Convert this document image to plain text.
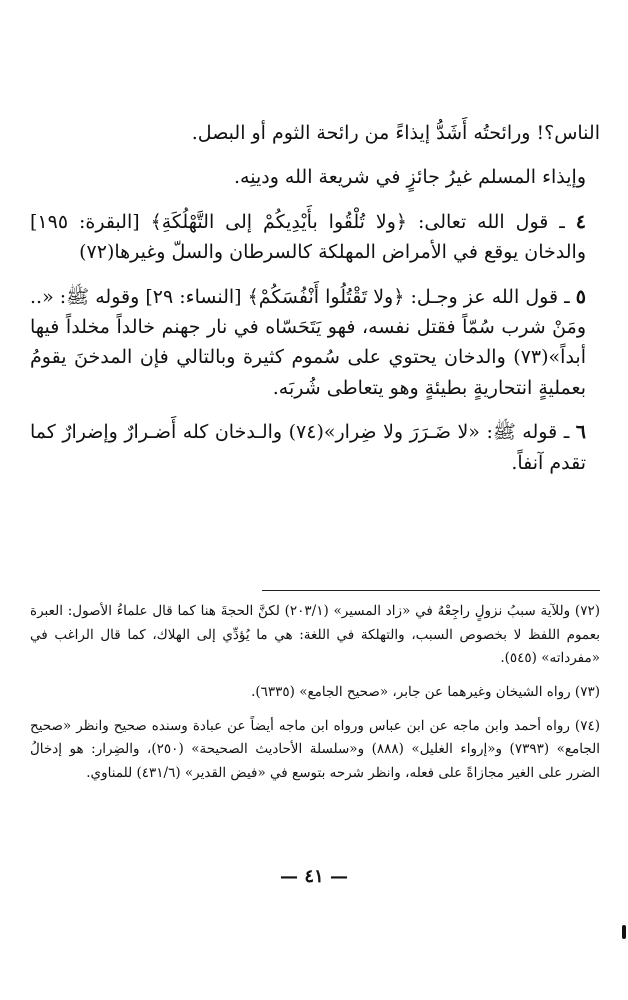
الناس؟! ورائحتُه أَشَدُّ إيذاءً من رائحة الثوم أو البصل.

وإيذاء المسلم غيرُ جائزٍ في شريعة الله ودينِه.

٤ ـ قول الله تعالى: ﴿ولا تُلْقُوا بأَيْدِيكُمْ إلى التَّهْلُكَةِ﴾ [البقرة: ١٩٥] والدخان يوقع في الأمراض المهلكة كالسرطان والسلّ وغيرها(٧٢)

٥ ـ قول الله عز وجـل: ﴿ولا تَقْتُلُوا أَنْفُسَكُمْ﴾ [النساء: ٢٩] وقوله ﷺ: «.. ومَنْ شرب سُمّاً فقتل نفسه، فهو يَتَحَسّاه في نار جهنم خالداً مخلداً فيها أبداً»(٧٣) والدخان يحتوي على سُموم كثيرة وبالتالي فإن المدخنَ يقومُ بعمليةٍ انتحاريةٍ بطيئةٍ وهو يتعاطى شُربَه.

٦ ـ قوله ﷺ: «لا ضَـرَرَ ولا ضِرار»(٧٤) والـدخان كله أَضـرارٌ وإضرارٌ كما تقدم آنفاً.

(٧٢) وللآية سببُ نزولٍ راجِعْهُ في «زاد المسير» (٢٠٣/١) لكنَّ الحجةَ هنا كما قال علماءُ الأصول: العبرة بعموم اللفظ لا بخصوص السبب، والتهلكة في اللغة: هي ما يُؤدِّي إلى الهلاك، كما قال الراغب في «مفرداته» (٥٤٥).

(٧٣) رواه الشيخان وغيرهما عن جابر، «صحيح الجامع» (٦٣٣٥).

(٧٤) رواه أحمد وابن ماجه عن ابن عباس ورواه ابن ماجه أيضاً عن عبادة وسنده صحيح وانظر «صحيح الجامع» (٧٣٩٣) و«إرواء الغليل» (٨٨٨) و«سلسلة الأحاديث الصحيحة» (٢٥٠)، والضِرار: هو إدخالُ الضرر على الغير مجازاةً على فعله، وانظر شرحه بتوسع في «فيض القدير» (٤٣١/٦) للمناوي.

— ٤١ —
